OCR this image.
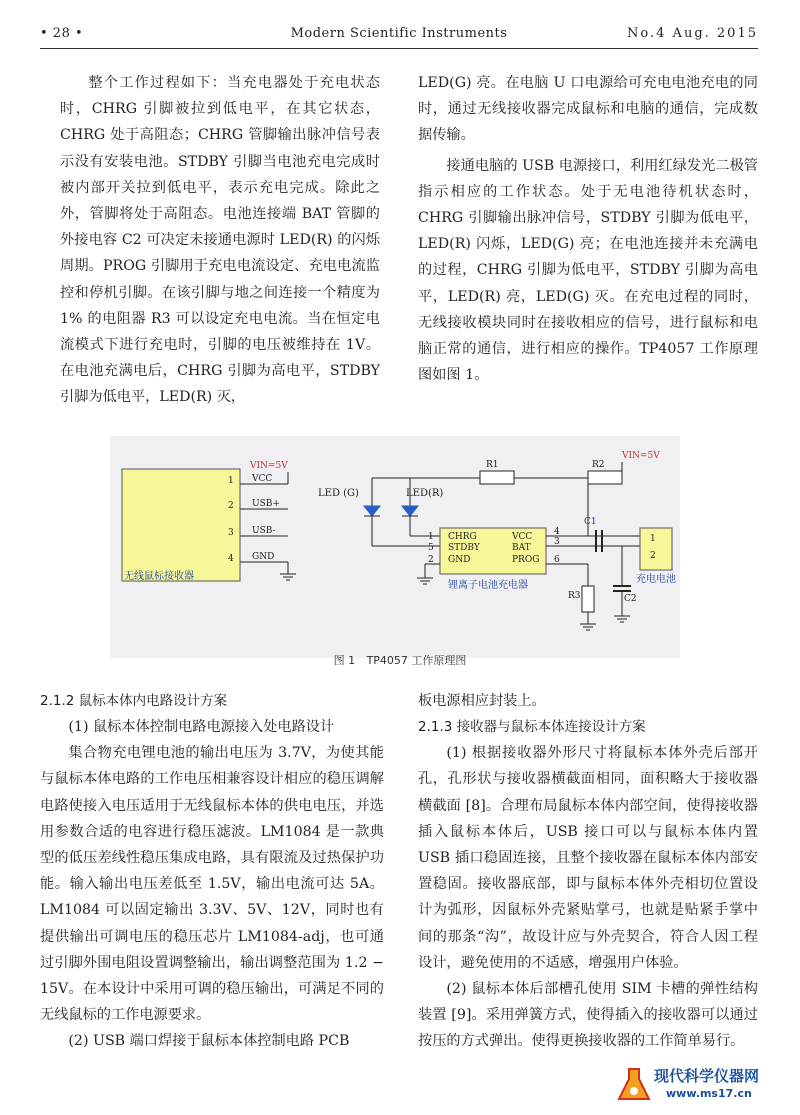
• 28 •	Modern Scientific Instruments	No.4 Aug. 2015

整个工作过程如下：当充电器处于充电状态时，CHRG 引脚被拉到低电平，在其它状态，CHRG 处于高阻态；CHRG 管脚输出脉冲信号表示没有安装电池。STDBY 引脚当电池充电完成时被内部开关拉到低电平，表示充电完成。除此之外，管脚将处于高阻态。电池连接端 BAT 管脚的外接电容 C2 可决定未接通电源时 LED(R) 的闪烁周期。PROG 引脚用于充电电流设定、充电电流监控和停机引脚。在该引脚与地之间连接一个精度为 1% 的电阻器 R3 可以设定充电电流。当在恒定电流模式下进行充电时，引脚的电压被维持在 1V。在电池充满电后，CHRG 引脚为高电平，STDBY 引脚为低电平，LED(R) 灭，

LED(G) 亮。在电脑 U 口电源给可充电电池充电的同时，通过无线接收器完成鼠标和电脑的通信，完成数据传输。

接通电脑的 USB 电源接口，利用红绿发光二极管指示相应的工作状态。处于无电池待机状态时，CHRG 引脚输出脉冲信号，STDBY 引脚为低电平，LED(R) 闪烁，LED(G) 亮；在电池连接并未充满电的过程，CHRG 引脚为低电平，STDBY 引脚为高电平，LED(R) 亮，LED(G) 灭。在充电过程的同时，无线接收模块同时在接收相应的信号，进行鼠标和电脑正常的通信，进行相应的操作。TP4057 工作原理图如图 1。

VIN=5V
VIN=5V
VCC
USB+
USB-
GND
1
2
3
4
无线鼠标接收器
LED (G)	LED(R)
R1	R2
R3
C1
C2
CHRG
STDBY
GND
VCC
BAT
PROG
1
5
2
4
3
6
锂离子电池充电器
1
2
充电电池
图 1 TP4057 工作原理图
2.1.2 鼠标本体内电路设计方案

(1) 鼠标本体控制电路电源接入处电路设计

集合物充电锂电池的输出电压为 3.7V，为使其能与鼠标本体电路的工作电压相兼容设计相应的稳压调解电路使接入电压适用于无线鼠标本体的供电电压，并选用参数合适的电容进行稳压滤波。LM1084 是一款典型的低压差线性稳压集成电路，具有限流及过热保护功能。输入输出电压差低至 1.5V，输出电流可达 5A。LM1084 可以固定输出 3.3V、5V、12V，同时也有提供输出可调电压的稳压芯片 LM1084-adj，也可通过引脚外围电阻设置调整输出，输出调整范围为 1.2 − 15V。在本设计中采用可调的稳压输出，可满足不同的无线鼠标的工作电源要求。

(2) USB 端口焊接于鼠标本体控制电路 PCB

板电源相应封装上。

2.1.3 接收器与鼠标本体连接设计方案

(1) 根据接收器外形尺寸将鼠标本体外壳后部开孔，孔形状与接收器横截面相同，面积略大于接收器横截面 [8]。合理布局鼠标本体内部空间，使得接收器插入鼠标本体后，USB 接口可以与鼠标本体内置 USB 插口稳固连接，且整个接收器在鼠标本体内部安置稳固。接收器底部，即与鼠标本体外壳相切位置设计为弧形，因鼠标外壳紧贴掌弓，也就是贴紧手掌中间的那条“沟”，故设计应与外壳契合，符合人因工程设计，避免使用的不适感，增强用户体验。

(2) 鼠标本体后部槽孔使用 SIM 卡槽的弹性结构装置 [9]。采用弹簧方式，使得插入的接收器可以通过按压的方式弹出。使得更换接收器的工作简单易行。

现代科学仪器网
www.ms17.cn
